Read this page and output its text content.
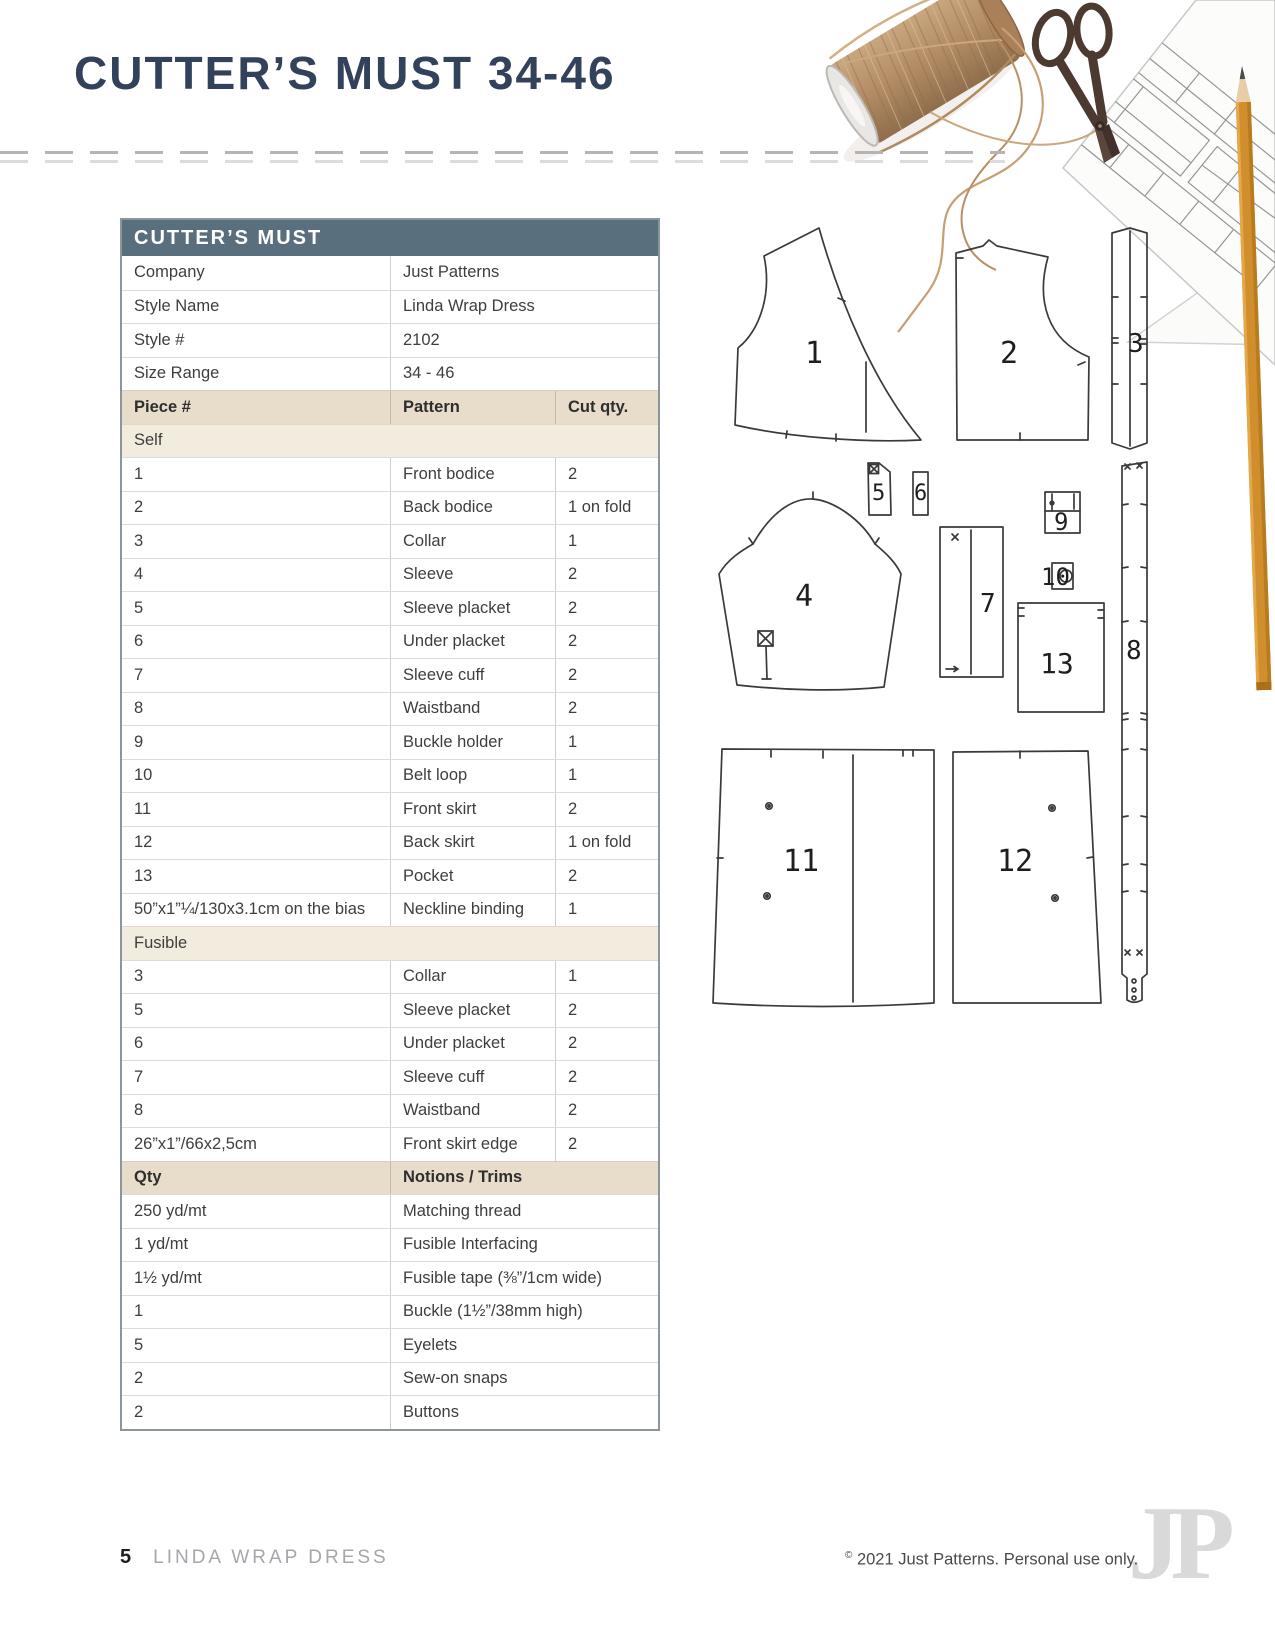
CUTTER’S MUST 34-46
1	2	3
4
5 6
7
8
9
10
11	12
13
CUTTER’S MUST
Company	Just Patterns
Style Name	Linda Wrap Dress
Style #	2102
Size Range	34 - 46
Piece #	Pattern	Cut qty.
Self
1	Front bodice	2
2	Back bodice	1 on fold
3	Collar	1
4	Sleeve	2
5	Sleeve placket	2
6	Under placket	2
7	Sleeve cuff	2
8	Waistband	2
9	Buckle holder	1
10	Belt loop	1
11	Front skirt	2
12	Back skirt	1 on fold
13	Pocket	2
50”x1”¼/130x3.1cm on the bias	Neckline binding	1
Fusible
3	Collar	1
5	Sleeve placket	2
6	Under placket	2
7	Sleeve cuff	2
8	Waistband	2
26”x1”/66x2,5cm	Front skirt edge	2
Qty	Notions / Trims
250 yd/mt	Matching thread
1 yd/mt	Fusible Interfacing
1½ yd/mt	Fusible tape (⅜”/1cm wide)
1	Buckle (1½”/38mm high)
5	Eyelets
2	Sew-on snaps
2	Buttons
5 LINDA WRAP DRESS	© 2021 Just Patterns. Personal use only.
JP
